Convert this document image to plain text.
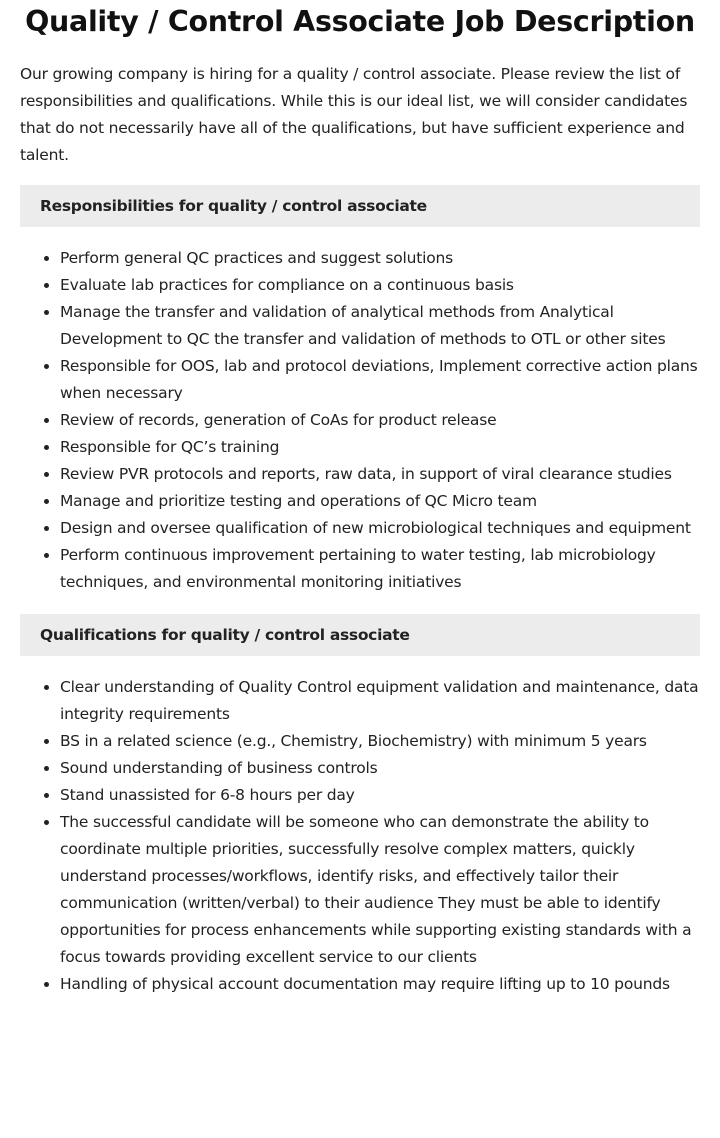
Quality / Control Associate Job Description

Our growing company is hiring for a quality / control associate. Please review the list of responsibilities and qualifications. While this is our ideal list, we will consider candidates that do not necessarily have all of the qualifications, but have sufficient experience and talent.

Responsibilities for quality / control associate
• Perform general QC practices and suggest solutions
• Evaluate lab practices for compliance on a continuous basis
• Manage the transfer and validation of analytical methods from Analytical Development to QC the transfer and validation of methods to OTL or other sites
• Responsible for OOS, lab and protocol deviations, Implement corrective action plans when necessary
• Review of records, generation of CoAs for product release
• Responsible for QC’s training
• Review PVR protocols and reports, raw data, in support of viral clearance studies
• Manage and prioritize testing and operations of QC Micro team
• Design and oversee qualification of new microbiological techniques and equipment
• Perform continuous improvement pertaining to water testing, lab microbiology techniques, and environmental monitoring initiatives
Qualifications for quality / control associate
• Clear understanding of Quality Control equipment validation and maintenance, data integrity requirements
• BS in a related science (e.g., Chemistry, Biochemistry) with minimum 5 years
• Sound understanding of business controls
• Stand unassisted for 6-8 hours per day
• The successful candidate will be someone who can demonstrate the ability to coordinate multiple priorities, successfully resolve complex matters, quickly understand processes/workflows, identify risks, and effectively tailor their communication (written/verbal) to their audience They must be able to identify opportunities for process enhancements while supporting existing standards with a focus towards providing excellent service to our clients
• Handling of physical account documentation may require lifting up to 10 pounds
